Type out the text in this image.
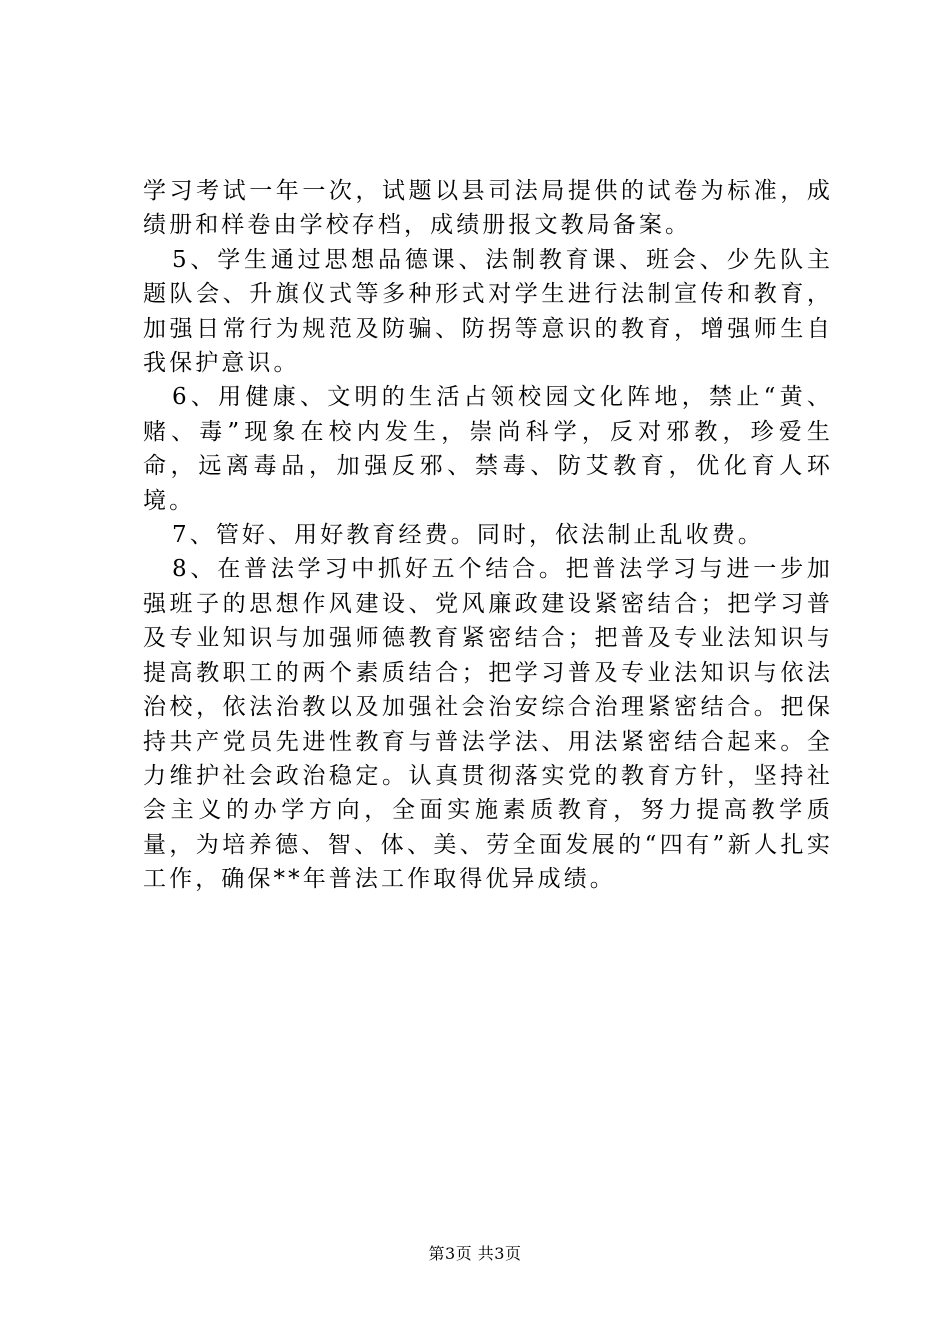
学习考试一年一次，试题以县司法局提供的试卷为标准，成绩册和样卷由学校存档，成绩册报文教局备案。

5、学生通过思想品德课、法制教育课、班会、少先队主题队会、升旗仪式等多种形式对学生进行法制宣传和教育，加强日常行为规范及防骗、防拐等意识的教育，增强师生自我保护意识。

6、用健康、文明的生活占领校园文化阵地，禁止“黄、赌、毒”现象在校内发生，崇尚科学，反对邪教，珍爱生命，远离毒品，加强反邪、禁毒、防艾教育，优化育人环境。

7、管好、用好教育经费。同时，依法制止乱收费。

8、在普法学习中抓好五个结合。把普法学习与进一步加强班子的思想作风建设、党风廉政建设紧密结合；把学习普及专业知识与加强师德教育紧密结合；把普及专业法知识与提高教职工的两个素质结合；把学习普及专业法知识与依法治校，依法治教以及加强社会治安综合治理紧密结合。把保持共产党员先进性教育与普法学法、用法紧密结合起来。全力维护社会政治稳定。认真贯彻落实党的教育方针，坚持社会主义的办学方向，全面实施素质教育，努力提高教学质量，为培养德、智、体、美、劳全面发展的“四有”新人扎实工作，确保**年普法工作取得优异成绩。

第3页 共3页
